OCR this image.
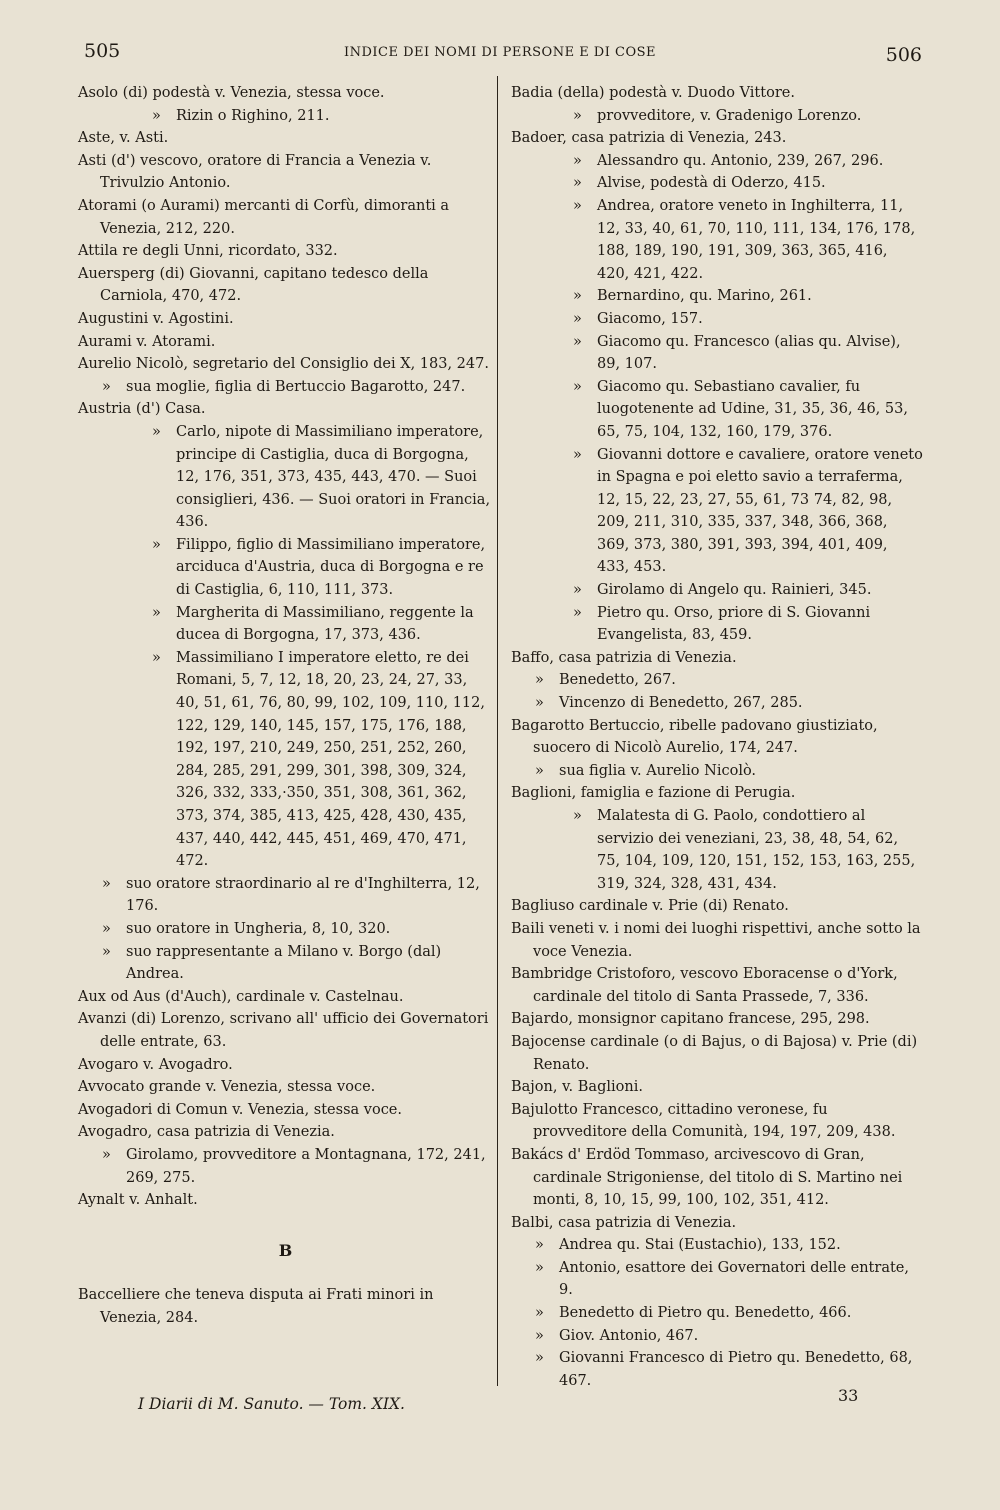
505	INDICE DEI NOMI DI PERSONE E DI COSE	506

Asolo (di) podestà v. Venezia, stessa voce.

» Rizin o Righino, 211.

Aste, v. Asti.

Asti (d') vescovo, oratore di Francia a Venezia v. Trivulzio Antonio.

Atorami (o Aurami) mercanti di Corfù, dimoranti a Venezia, 212, 220.

Attila re degli Unni, ricordato, 332.

Auersperg (di) Giovanni, capitano tedesco della Carniola, 470, 472.

Augustini v. Agostini.

Aurami v. Atorami.

Aurelio Nicolò, segretario del Consiglio dei X, 183, 247.

» sua moglie, figlia di Bertuccio Bagarotto, 247.

Austria (d') Casa.

» Carlo, nipote di Massimiliano imperatore, principe di Castiglia, duca di Borgogna, 12, 176, 351, 373, 435, 443, 470. — Suoi consiglieri, 436. — Suoi oratori in Francia, 436.

» Filippo, figlio di Massimiliano imperatore, arciduca d'Austria, duca di Borgogna e re di Castiglia, 6, 110, 111, 373.

» Margherita di Massimiliano, reggente la ducea di Borgogna, 17, 373, 436.

» Massimiliano I imperatore eletto, re dei Romani, 5, 7, 12, 18, 20, 23, 24, 27, 33, 40, 51, 61, 76, 80, 99, 102, 109, 110, 112, 122, 129, 140, 145, 157, 175, 176, 188, 192, 197, 210, 249, 250, 251, 252, 260, 284, 285, 291, 299, 301, 398, 309, 324, 326, 332, 333,·350, 351, 308, 361, 362, 373, 374, 385, 413, 425, 428, 430, 435, 437, 440, 442, 445, 451, 469, 470, 471, 472.

» suo oratore straordinario al re d'Inghilterra, 12, 176.

» suo oratore in Ungheria, 8, 10, 320.

» suo rappresentante a Milano v. Borgo (dal) Andrea.

Aux od Aus (d'Auch), cardinale v. Castelnau.

Avanzi (di) Lorenzo, scrivano all' ufficio dei Governatori delle entrate, 63.

Avogaro v. Avogadro.

Avvocato grande v. Venezia, stessa voce.

Avogadori di Comun v. Venezia, stessa voce.

Avogadro, casa patrizia di Venezia.

» Girolamo, provveditore a Montagnana, 172, 241, 269, 275.

Aynalt v. Anhalt.

B

Baccelliere che teneva disputa ai Frati minori in Venezia, 284.

Badia (della) podestà v. Duodo Vittore.

» provveditore, v. Gradenigo Lorenzo.

Badoer, casa patrizia di Venezia, 243.

» Alessandro qu. Antonio, 239, 267, 296.

» Alvise, podestà di Oderzo, 415.

» Andrea, oratore veneto in Inghilterra, 11, 12, 33, 40, 61, 70, 110, 111, 134, 176, 178, 188, 189, 190, 191, 309, 363, 365, 416, 420, 421, 422.

» Bernardino, qu. Marino, 261.

» Giacomo, 157.

» Giacomo qu. Francesco (alias qu. Alvise), 89, 107.

» Giacomo qu. Sebastiano cavalier, fu luogotenente ad Udine, 31, 35, 36, 46, 53, 65, 75, 104, 132, 160, 179, 376.

» Giovanni dottore e cavaliere, oratore veneto in Spagna e poi eletto savio a terraferma, 12, 15, 22, 23, 27, 55, 61, 73 74, 82, 98, 209, 211, 310, 335, 337, 348, 366, 368, 369, 373, 380, 391, 393, 394, 401, 409, 433, 453.

» Girolamo di Angelo qu. Rainieri, 345.

» Pietro qu. Orso, priore di S. Giovanni Evangelista, 83, 459.

Baffo, casa patrizia di Venezia.

» Benedetto, 267.

» Vincenzo di Benedetto, 267, 285.

Bagarotto Bertuccio, ribelle padovano giustiziato, suocero di Nicolò Aurelio, 174, 247.

» sua figlia v. Aurelio Nicolò.

Baglioni, famiglia e fazione di Perugia.

» Malatesta di G. Paolo, condottiero al servizio dei veneziani, 23, 38, 48, 54, 62, 75, 104, 109, 120, 151, 152, 153, 163, 255, 319, 324, 328, 431, 434.

Bagliuso cardinale v. Prie (di) Renato.

Baili veneti v. i nomi dei luoghi rispettivi, anche sotto la voce Venezia.

Bambridge Cristoforo, vescovo Eboracense o d'York, cardinale del titolo di Santa Prassede, 7, 336.

Bajardo, monsignor capitano francese, 295, 298.

Bajocense cardinale (o di Bajus, o di Bajosa) v. Prie (di) Renato.

Bajon, v. Baglioni.

Bajulotto Francesco, cittadino veronese, fu provveditore della Comunità, 194, 197, 209, 438.

Bakács d' Erdöd Tommaso, arcivescovo di Gran, cardinale Strigoniense, del titolo di S. Martino nei monti, 8, 10, 15, 99, 100, 102, 351, 412.

Balbi, casa patrizia di Venezia.

» Andrea qu. Stai (Eustachio), 133, 152.

» Antonio, esattore dei Governatori delle entrate, 9.

» Benedetto di Pietro qu. Benedetto, 466.

» Giov. Antonio, 467.

» Giovanni Francesco di Pietro qu. Benedetto, 68, 467.

I Diarii di M. Sanuto. — Tom. XIX.	33
